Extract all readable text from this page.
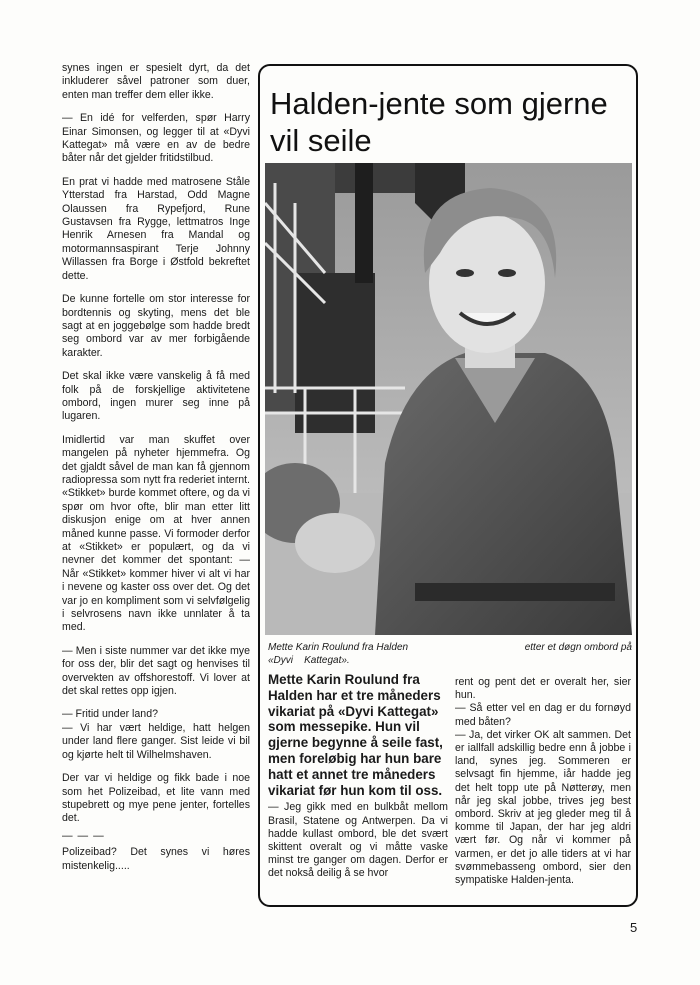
synes ingen er spesielt dyrt, da det inkluderer såvel patroner som duer, enten man treffer dem eller ikke.

— En idé for velferden, spør Harry Einar Simonsen, og legger til at «Dyvi Kattegat» må være en av de bedre båter når det gjelder fritidstilbud.

En prat vi hadde med matrosene Ståle Ytterstad fra Harstad, Odd Magne Olaussen fra Rypefjord, Rune Gustavsen fra Rygge, lettmatros Inge Henrik Arnesen fra Mandal og motormannsaspirant Terje Johnny Willassen fra Borge i Østfold bekreftet dette.

De kunne fortelle om stor interesse for bordtennis og skyting, mens det ble sagt at en joggebølge som hadde bredt seg ombord var av mer forbigående karakter.

Det skal ikke være vanskelig å få med folk på de forskjellige aktivitetene ombord, ingen murer seg inne på lugaren.

Imidlertid var man skuffet over mangelen på nyheter hjemmefra. Og det gjaldt såvel de man kan få gjennom radiopressa som nytt fra rederiet internt. «Stikket» burde kommet oftere, og da vi spør om hvor ofte, blir man etter litt diskusjon enige om at hver annen måned kunne passe. Vi formoder derfor at «Stikket» er populært, og da vi nevner det kommer det spontant: — Når «Stikket» kommer hiver vi alt vi har i nevene og kaster oss over det. Og det var jo en kompliment som vi selvfølgelig i selvrosens navn ikke unnlater å ta med.

— Men i siste nummer var det ikke mye for oss der, blir det sagt og henvises til overvekten av offshorestoff. Vi lover at det skal rettes opp igjen.

— Fritid under land?

— Vi har vært heldige, hatt helgen under land flere ganger. Sist leide vi bil og kjørte helt til Wilhelmshaven.

Der var vi heldige og fikk bade i noe som het Polizeibad, et lite vann med stupebrett og mye pene jenter, fortelles det.

— — —

Polizeibad? Det synes vi høres mistenkelig.....

Halden-jente som gjerne vil seile
Mette Karin Roulund fra Halden	etter et døgn ombord på
«Dyvi    Kattegat».

Mette Karin Roulund fra Halden har et tre måneders vikariat på «Dyvi Kattegat» som messepike. Hun vil gjerne begynne å seile fast, men foreløbig har hun bare hatt et annet tre måneders vikariat før hun kom til oss.

— Jeg gikk med en bulkbåt mellom Brasil, Statene og Antwerpen. Da vi hadde kullast ombord, ble det svært skittent overalt og vi måtte vaske minst tre ganger om dagen. Derfor er det nokså deilig å se hvor

rent og pent det er overalt her, sier hun.

— Så etter vel en dag er du fornøyd med båten?

— Ja, det virker OK alt sammen. Det er iallfall adskillig bedre enn å jobbe i land, synes jeg. Sommeren er selvsagt fin hjemme, iår hadde jeg det helt topp ute på Nøtterøy, men når jeg skal jobbe, trives jeg best ombord. Skriv at jeg gleder meg til å komme til Japan, der har jeg aldri vært før. Og når vi kommer på varmen, er det jo alle tiders at vi har svømmebasseng ombord, sier den sympatiske Halden-jenta.

5
